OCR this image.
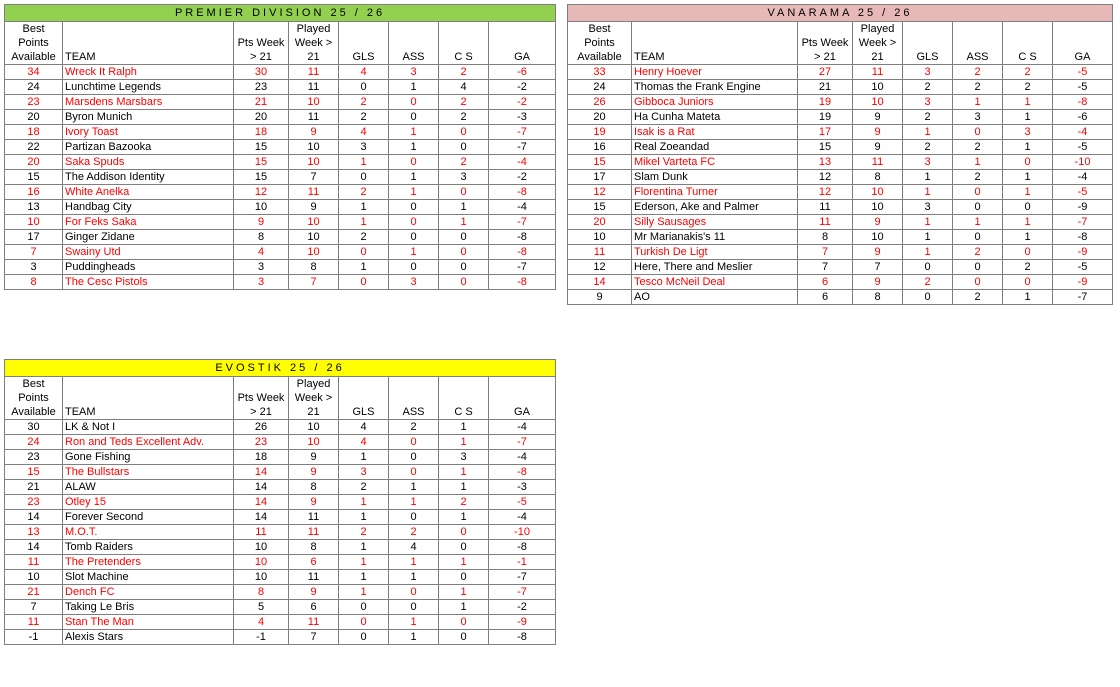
PREMIER DIVISION 25 / 26							
Best			Played				
Points		Pts Week	Week >				
Available	TEAM	> 21	21	GLS	ASS	C S	GA
34	Wreck It Ralph	30	11	4	3	2	-6
24	Lunchtime Legends	23	11	0	1	4	-2
23	Marsdens Marsbars	21	10	2	0	2	-2
20	Byron Munich	20	11	2	0	2	-3
18	Ivory Toast	18	9	4	1	0	-7
22	Partizan Bazooka	15	10	3	1	0	-7
20	Saka Spuds	15	10	1	0	2	-4
15	The Addison Identity	15	7	0	1	3	-2
16	White Anelka	12	11	2	1	0	-8
13	Handbag City	10	9	1	0	1	-4
10	For Feks Saka	9	10	1	0	1	-7
17	Ginger Zidane	8	10	2	0	0	-8
7	Swainy Utd	4	10	0	1	0	-8
3	Puddingheads	3	8	1	0	0	-7
8	The Cesc Pistols	3	7	0	3	0	-8
VANARAMA 25 / 26							
Best			Played				
Points		Pts Week	Week >				
Available	TEAM	> 21	21	GLS	ASS	C S	GA
33	Henry Hoever	27	11	3	2	2	-5
24	Thomas the Frank Engine	21	10	2	2	2	-5
26	Gibboca Juniors	19	10	3	1	1	-8
20	Ha Cunha Mateta	19	9	2	3	1	-6
19	Isak is a Rat	17	9	1	0	3	-4
16	Real Zoeandad	15	9	2	2	1	-5
15	Mikel Varteta FC	13	11	3	1	0	-10
17	Slam Dunk	12	8	1	2	1	-4
12	Florentina Turner	12	10	1	0	1	-5
15	Ederson, Ake and Palmer	11	10	3	0	0	-9
20	Silly Sausages	11	9	1	1	1	-7
10	Mr Marianakis's 11	8	10	1	0	1	-8
11	Turkish De Ligt	7	9	1	2	0	-9
12	Here, There and Meslier	7	7	0	0	2	-5
14	Tesco McNeil Deal	6	9	2	0	0	-9
9	AO	6	8	0	2	1	-7
EVOSTIK 25 / 26							
Best			Played				
Points		Pts Week	Week >				
Available	TEAM	> 21	21	GLS	ASS	C S	GA
30	LK & Not I	26	10	4	2	1	-4
24	Ron and Teds Excellent Adv.	23	10	4	0	1	-7
23	Gone Fishing	18	9	1	0	3	-4
15	The Bullstars	14	9	3	0	1	-8
21	ALAW	14	8	2	1	1	-3
23	Otley 15	14	9	1	1	2	-5
14	Forever Second	14	11	1	0	1	-4
13	M.O.T.	11	11	2	2	0	-10
14	Tomb Raiders	10	8	1	4	0	-8
11	The Pretenders	10	6	1	1	1	-1
10	Slot Machine	10	11	1	1	0	-7
21	Dench FC	8	9	1	0	1	-7
7	Taking Le Bris	5	6	0	0	1	-2
11	Stan The Man	4	11	0	1	0	-9
-1	Alexis Stars	-1	7	0	1	0	-8
